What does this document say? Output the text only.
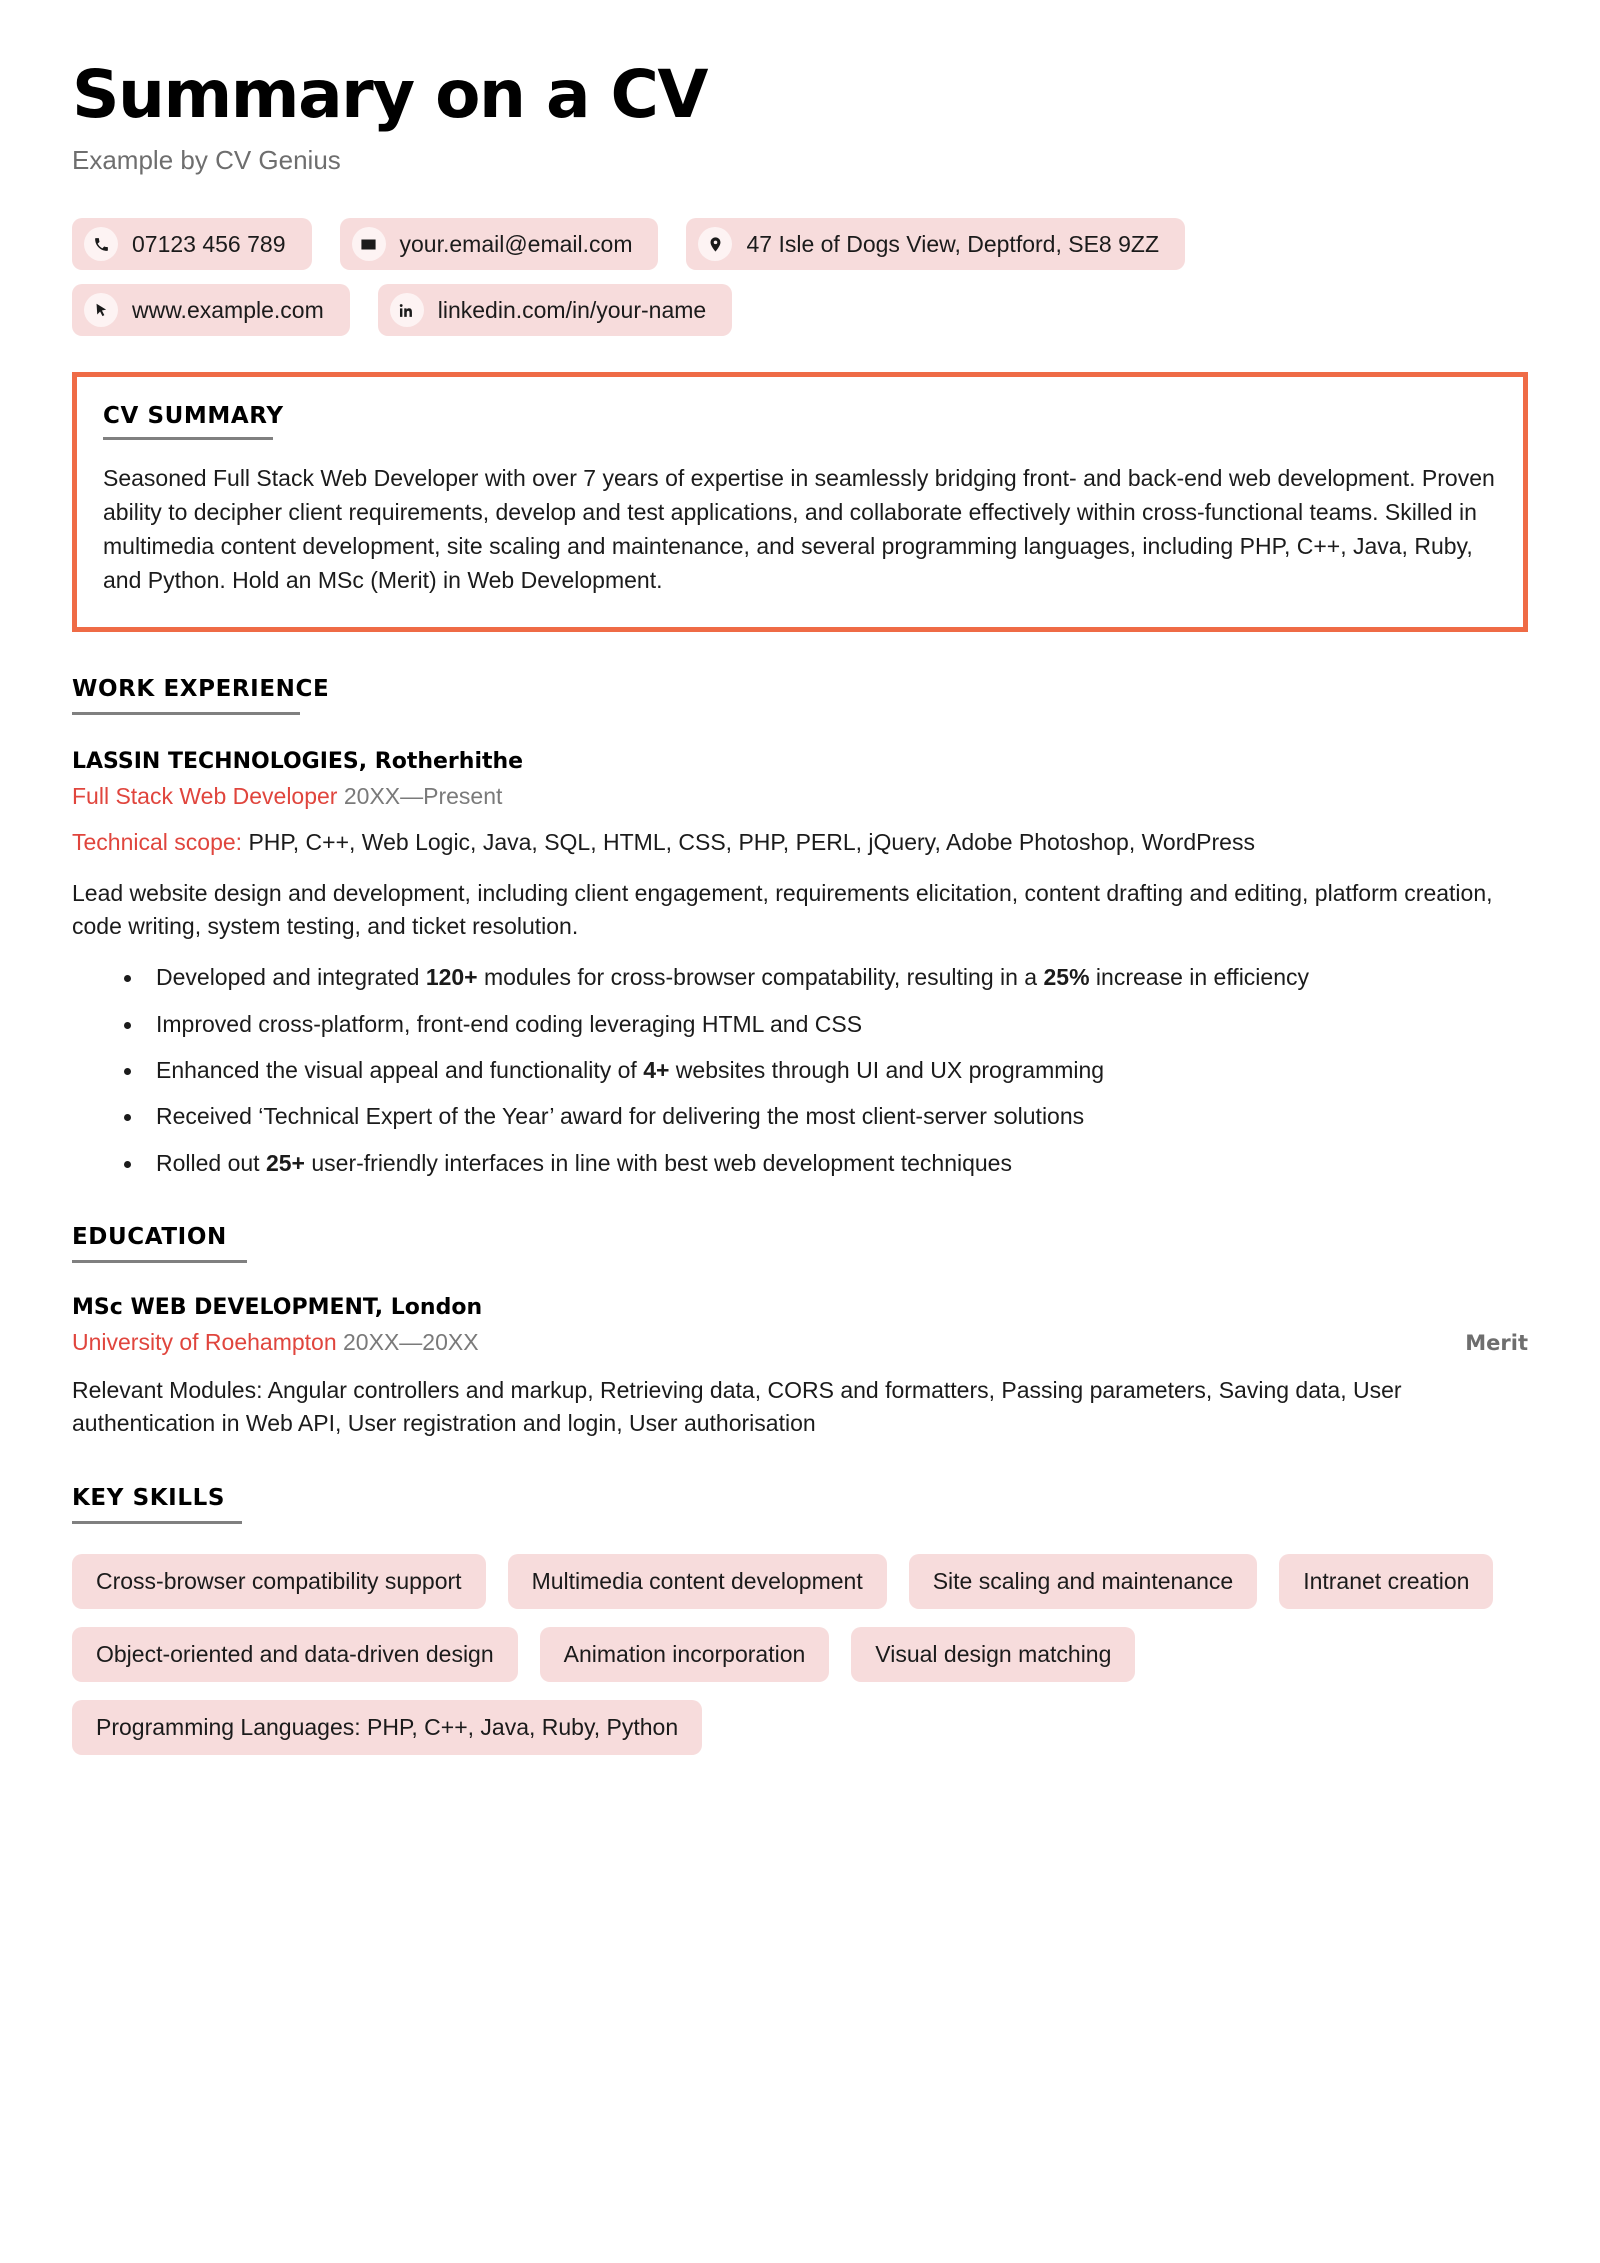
Summary on a CV
Example by CV Genius
07123 456 789	your.email@email.com	47 Isle of Dogs View, Deptford, SE8 9ZZ
www.example.com	linkedin.com/in/your-name
CV SUMMARY

Seasoned Full Stack Web Developer with over 7 years of expertise in seamlessly bridging front- and back-end web development. Proven ability to decipher client requirements, develop and test applications, and collaborate effectively within cross-functional teams. Skilled in multimedia content development, site scaling and maintenance, and several programming languages, including PHP, C++, Java, Ruby, and Python. Hold an MSc (Merit) in Web Development.

WORK EXPERIENCE
LASSIN TECHNOLOGIES, Rotherhithe
Full Stack Web Developer 20XX—Present
Technical scope: PHP, C++, Web Logic, Java, SQL, HTML, CSS, PHP, PERL, jQuery, Adobe Photoshop, WordPress

Lead website design and development, including client engagement, requirements elicitation, content drafting and editing, platform creation, code writing, system testing, and ticket resolution.

• Developed and integrated 120+ modules for cross-browser compatability, resulting in a 25% increase in efficiency
• Improved cross-platform, front-end coding leveraging HTML and CSS
• Enhanced the visual appeal and functionality of 4+ websites through UI and UX programming
• Received ‘Technical Expert of the Year’ award for delivering the most client-server solutions
• Rolled out 25+ user-friendly interfaces in line with best web development techniques
EDUCATION
MSc WEB DEVELOPMENT, London
University of Roehampton 20XX—20XX	Merit

Relevant Modules: Angular controllers and markup, Retrieving data, CORS and formatters, Passing parameters, Saving data, User authentication in Web API, User registration and login, User authorisation

KEY SKILLS
Cross-browser compatibility support	Multimedia content development	Site scaling and maintenance	Intranet creation
Object-oriented and data-driven design	Animation incorporation	Visual design matching
Programming Languages: PHP, C++, Java, Ruby, Python
